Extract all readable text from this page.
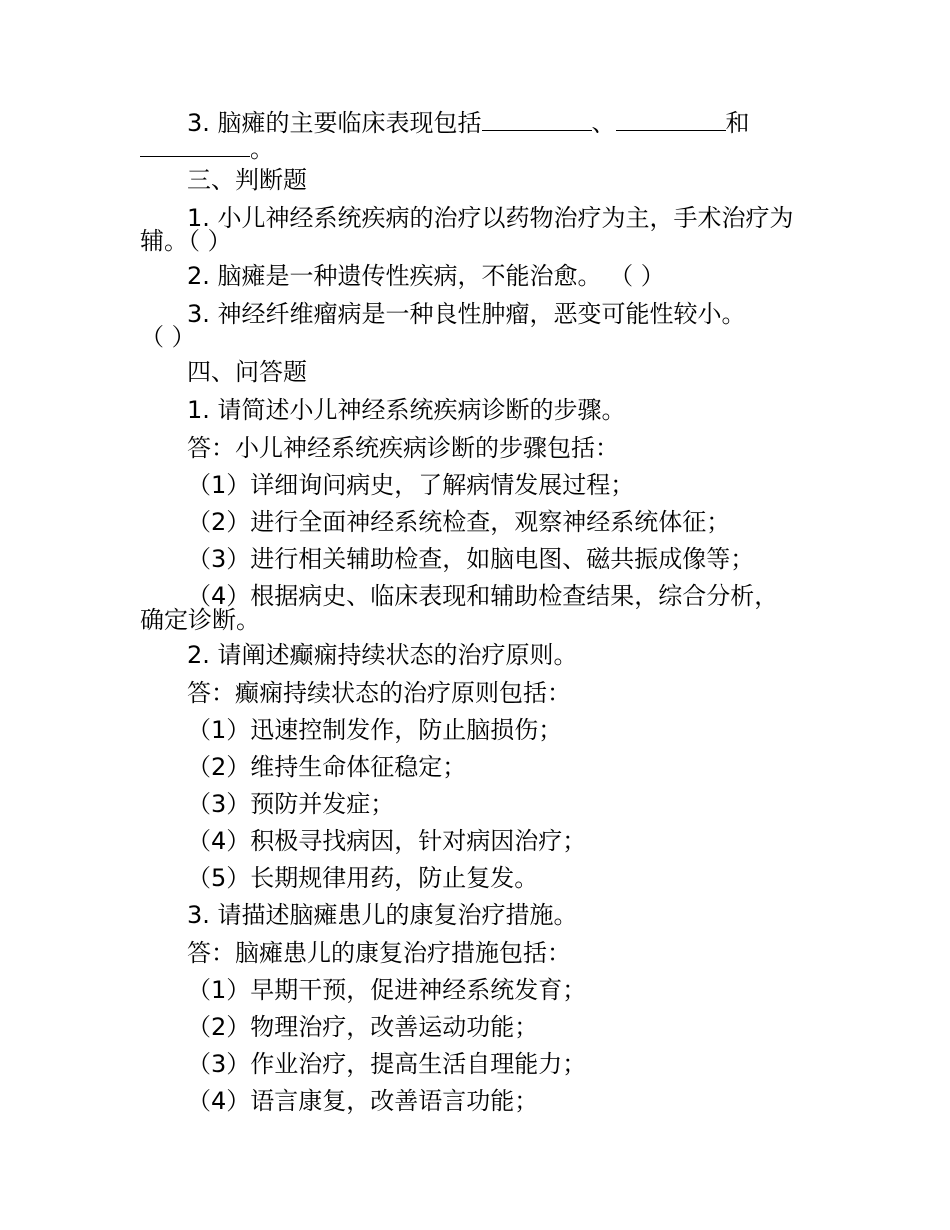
3. 脑瘫的主要临床表现包括	、	和
。
三、判断题
1. 小儿神经系统疾病的治疗以药物治疗为主，手术治疗为
辅。（ ）
2. 脑瘫是一种遗传性疾病，不能治愈。 （ ）
3. 神经纤维瘤病是一种良性肿瘤，恶变可能性较小。
（ ）
四、问答题
1. 请简述小儿神经系统疾病诊断的步骤。
答：小儿神经系统疾病诊断的步骤包括：
（1）详细询问病史，了解病情发展过程；
（2）进行全面神经系统检查，观察神经系统体征；
（3）进行相关辅助检查，如脑电图、磁共振成像等；
（4）根据病史、临床表现和辅助检查结果，综合分析，
确定诊断。
2. 请阐述癫痫持续状态的治疗原则。
答：癫痫持续状态的治疗原则包括：
（1）迅速控制发作，防止脑损伤；
（2）维持生命体征稳定；
（3）预防并发症；
（4）积极寻找病因，针对病因治疗；
（5）长期规律用药，防止复发。
3. 请描述脑瘫患儿的康复治疗措施。
答：脑瘫患儿的康复治疗措施包括：
（1）早期干预，促进神经系统发育；
（2）物理治疗，改善运动功能；
（3）作业治疗，提高生活自理能力；
（4）语言康复，改善语言功能；
